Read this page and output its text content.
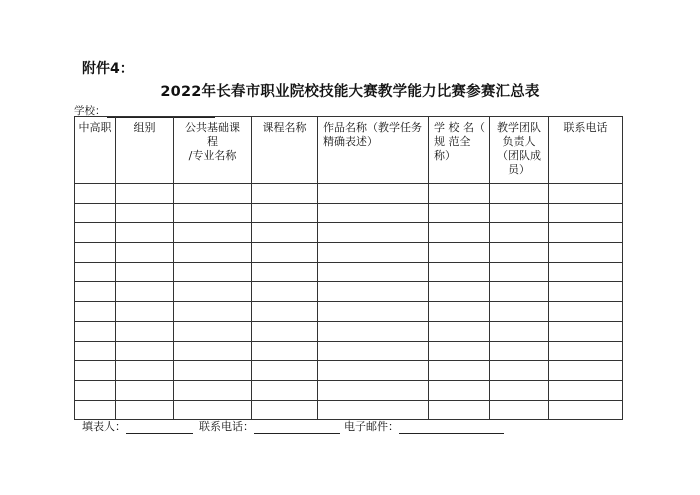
附件4：
2022年长春市职业院校技能大赛教学能力比赛参赛汇总表
学校：
中高职	组别	公共基础课程
/专业名称	课程名称	作品名称（教学任务精确表述）	学 校 名（ 规 范全称）	教学团队负责人（团队成员）	联系电话

填表人：	联系电话：	电子邮件：
